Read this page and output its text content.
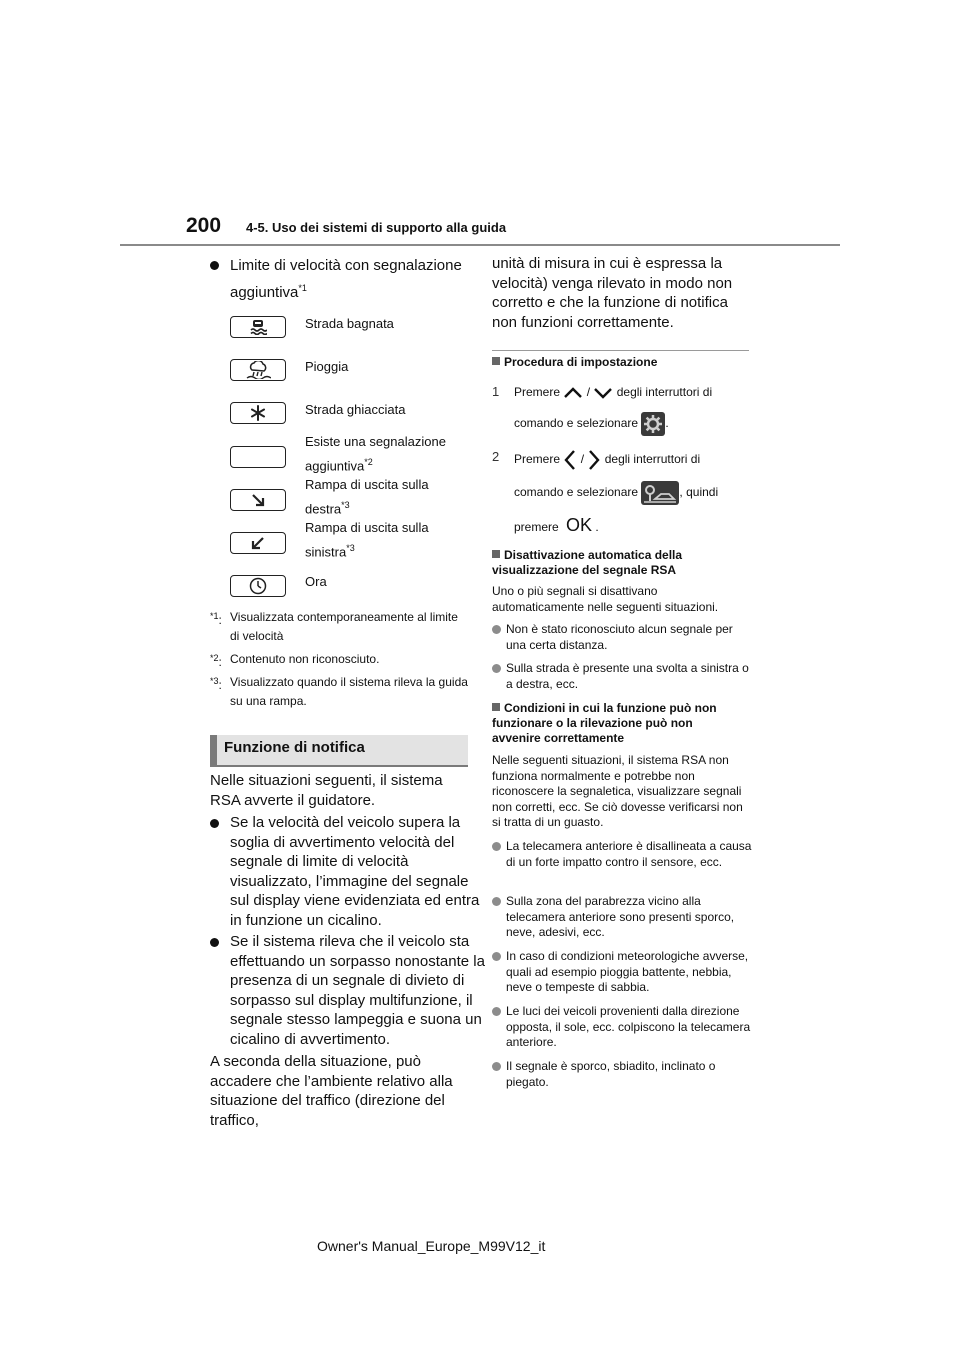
200 4-5. Uso dei sistemi di supporto alla guida
Limite di velocità con segnalazione aggiuntiva$^{*1}$
Strada bagnata
Pioggia
Strada ghiacciata
Esiste una segnalazione aggiuntiva$^{*2}$
Rampa di uscita sulla destra$^{*3}$
Rampa di uscita sulla sinistra$^{*3}$
Ora
$^{*1}$: Visualizzata contemporaneamente al limite di velocità
$^{*2}$: Contenuto non riconosciuto.
$^{*3}$: Visualizzato quando il sistema rileva la guida su una rampa.
Funzione di notifica
Nelle situazioni seguenti, il sistema RSA avverte il guidatore.
Se la velocità del veicolo supera la soglia di avvertimento velocità del segnale di limite di velocità visualizzato, l’immagine del segnale sul display viene evidenziata ed entra in funzione un cicalino.
Se il sistema rileva che il veicolo sta effettuando un sorpasso nonostante la presenza di un segnale di divieto di sorpasso sul display multifunzione, il segnale stesso lampeggia e suona un cicalino di avvertimento.
A seconda della situazione, può accadere che l’ambiente relativo alla situazione del traffico (direzione del traffico,
unità di misura in cui è espressa la velocità) venga rilevato in modo non corretto e che la funzione di notifica non funzioni correttamente.
Procedura di impostazione
1	Premere / degli interruttori di
comando e selezionare .
2	Premere / degli interruttori di
comando e selezionare	, quindi
premere OK .
Disattivazione automatica della visualizzazione del segnale RSA
Uno o più segnali si disattivano automaticamente nelle seguenti situazioni.
Non è stato riconosciuto alcun segnale per una certa distanza.
Sulla strada è presente una svolta a sinistra o a destra, ecc.
Condizioni in cui la funzione può non funzionare o la rilevazione può non avvenire correttamente
Nelle seguenti situazioni, il sistema RSA non funziona normalmente e potrebbe non riconoscere la segnaletica, visualizzare segnali non corretti, ecc. Se ciò dovesse verificarsi non si tratta di un guasto.
La telecamera anteriore è disallineata a causa di un forte impatto contro il sensore, ecc.
Sulla zona del parabrezza vicino alla telecamera anteriore sono presenti sporco, neve, adesivi, ecc.
In caso di condizioni meteorologiche avverse, quali ad esempio pioggia battente, nebbia, neve o tempeste di sabbia.
Le luci dei veicoli provenienti dalla direzione opposta, il sole, ecc. colpiscono la telecamera anteriore.
Il segnale è sporco, sbiadito, inclinato o piegato.
Owner's Manual_Europe_M99V12_it
